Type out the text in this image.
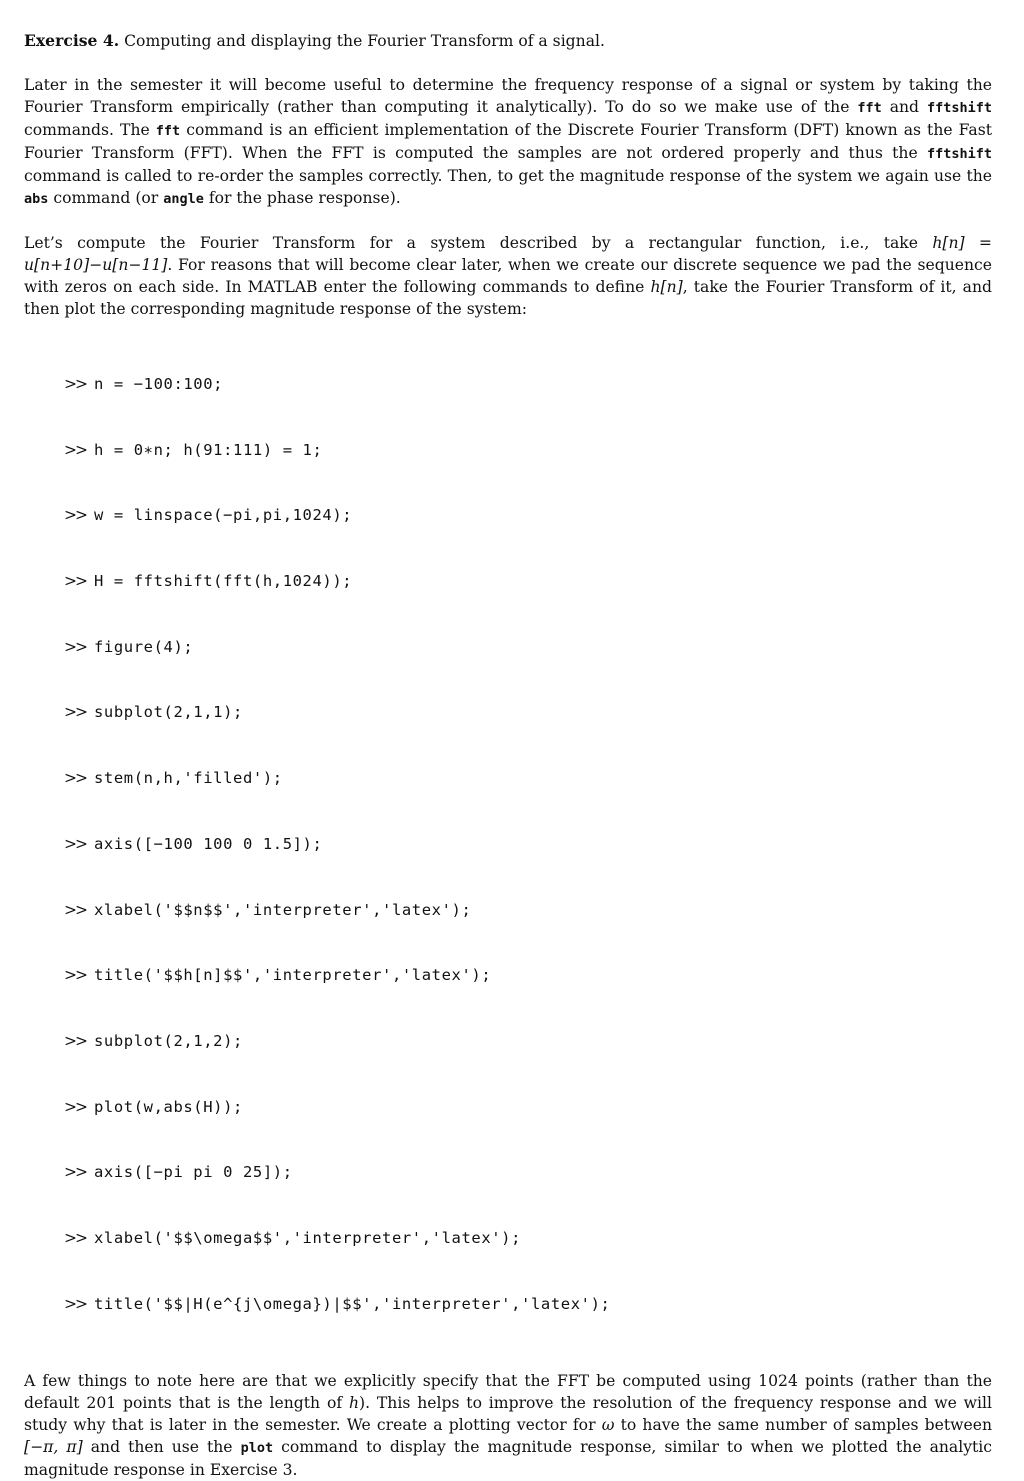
Exercise 4. Computing and displaying the Fourier Transform of a signal.

Later in the semester it will become useful to determine the frequency response of a signal or system by taking the Fourier Transform empirically (rather than computing it analytically). To do so we make use of the fft and fftshift commands. The fft command is an efficient implementation of the Discrete Fourier Transform (DFT) known as the Fast Fourier Transform (FFT). When the FFT is computed the samples are not ordered properly and thus the fftshift command is called to re-order the samples correctly. Then, to get the magnitude response of the system we again use the abs command (or angle for the phase response).

Let’s compute the Fourier Transform for a system described by a rectangular function, i.e., take h[n] = u[n+10]−u[n−11]. For reasons that will become clear later, when we create our discrete sequence we pad the sequence with zeros on each side. In MATLAB enter the following commands to define h[n], take the Fourier Transform of it, and then plot the corresponding magnitude response of the system:

>> n = −100:100;

>> h = 0∗n; h(91:111) = 1;

>> w = linspace(−pi,pi,1024);

>> H = fftshift(fft(h,1024));

>> figure(4);

>> subplot(2,1,1);

>> stem(n,h,'filled');

>> axis([−100 100 0 1.5]);

>> xlabel('$$n$$','interpreter','latex');

>> title('$$h[n]$$','interpreter','latex');

>> subplot(2,1,2);

>> plot(w,abs(H));

>> axis([−pi pi 0 25]);

>> xlabel('$$\omega$$','interpreter','latex');

>> title('$$|H(e^{j\omega})|$$','interpreter','latex');

A few things to note here are that we explicitly specify that the FFT be computed using 1024 points (rather than the default 201 points that is the length of h). This helps to improve the resolution of the frequency response and we will study why that is later in the semester. We create a plotting vector for ω to have the same number of samples between [−π, π] and then use the plot command to display the magnitude response, similar to when we plotted the analytic magnitude response in Exercise 3.
